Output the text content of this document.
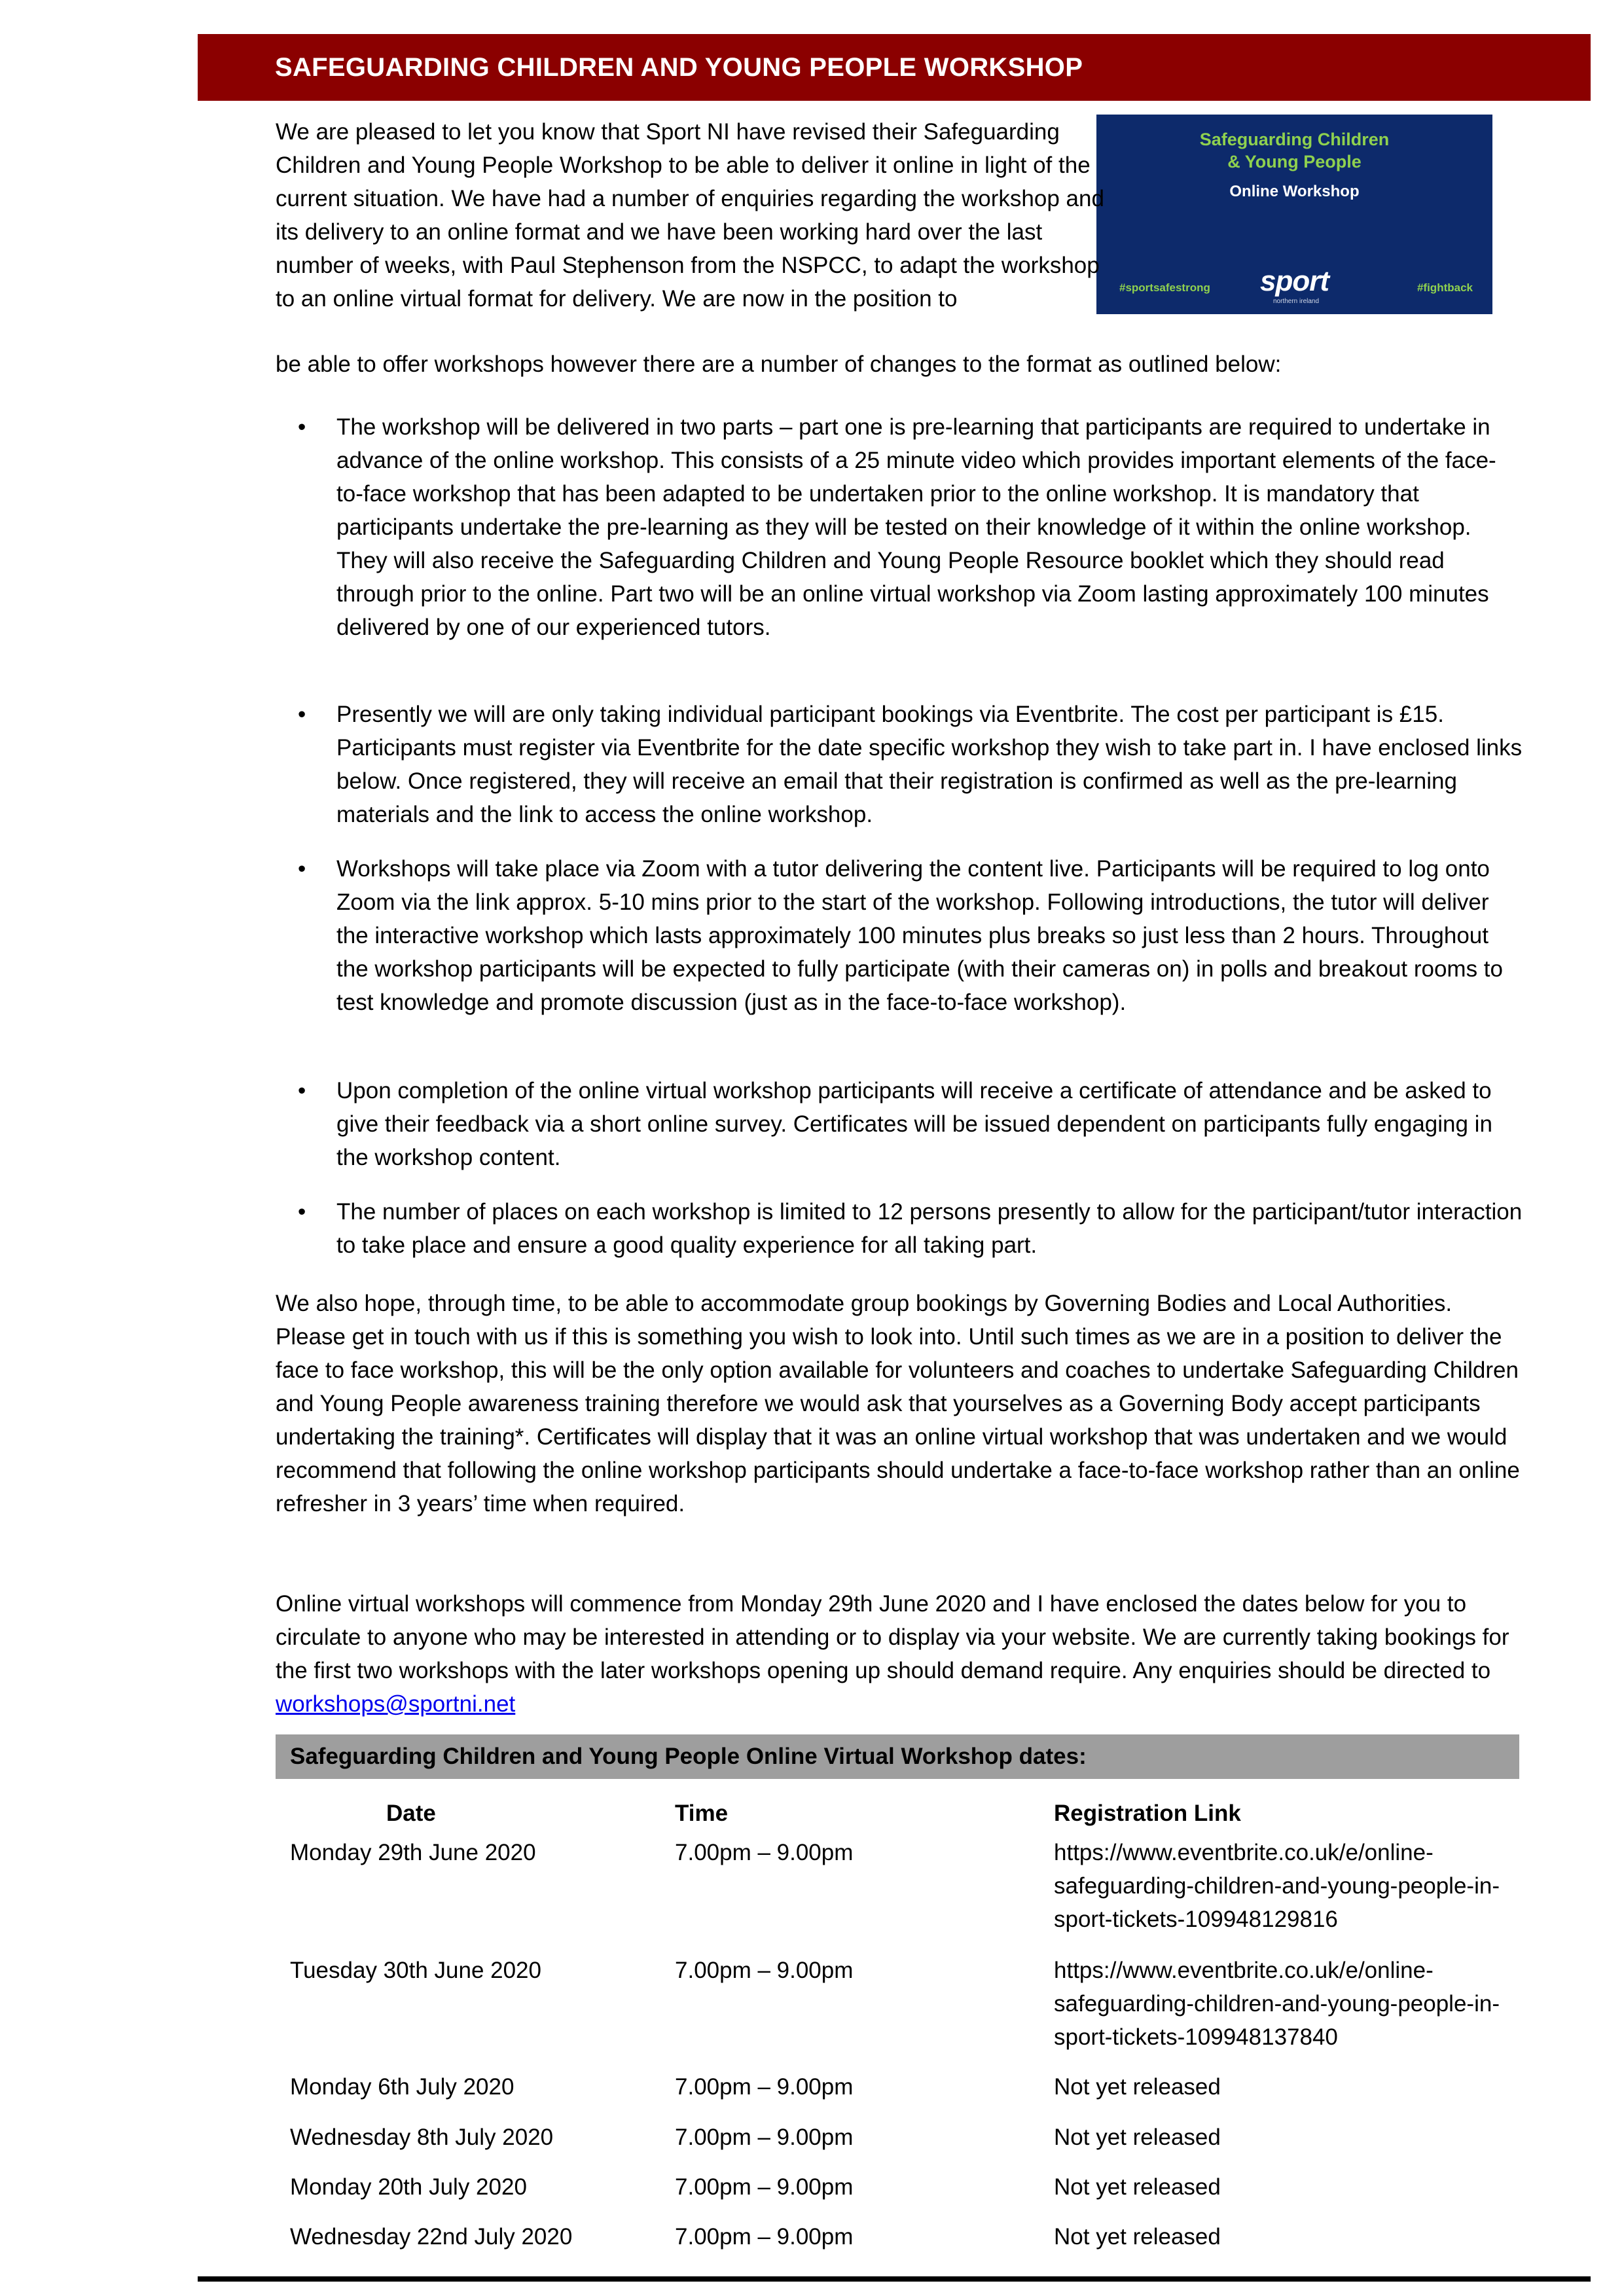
SAFEGUARDING CHILDREN AND YOUNG PEOPLE WORKSHOP
Safeguarding Children
& Young People
Online Workshop
#sportsafestrong sport
northern ireland
#fightback
We are pleased to let you know that Sport NI have revised their Safeguarding Children and Young People Workshop to be able to deliver it online in light of the current situation. We have had a number of enquiries regarding the workshop and its delivery to an online format and we have been working hard over the last number of weeks, with Paul Stephenson from the NSPCC, to adapt the workshop to an online virtual format for delivery. We are now in the position to
be able to offer workshops however there are a number of changes to the format as outlined below:
• The workshop will be delivered in two parts – part one is pre-learning that participants are required to undertake in advance of the online workshop. This consists of a 25 minute video which provides important elements of the face-to-face workshop that has been adapted to be undertaken prior to the online workshop. It is mandatory that participants undertake the pre-learning as they will be tested on their knowledge of it within the online workshop. They will also receive the Safeguarding Children and Young People Resource booklet which they should read through prior to the online. Part two will be an online virtual workshop via Zoom lasting approximately 100 minutes delivered by one of our experienced tutors.
• Presently we will are only taking individual participant bookings via Eventbrite. The cost per participant is £15. Participants must register via Eventbrite for the date specific workshop they wish to take part in. I have enclosed links below. Once registered, they will receive an email that their registration is confirmed as well as the pre-learning materials and the link to access the online workshop.
• Workshops will take place via Zoom with a tutor delivering the content live. Participants will be required to log onto Zoom via the link approx. 5-10 mins prior to the start of the workshop. Following introductions, the tutor will deliver the interactive workshop which lasts approximately 100 minutes plus breaks so just less than 2 hours. Throughout the workshop participants will be expected to fully participate (with their cameras on) in polls and breakout rooms to test knowledge and promote discussion (just as in the face-to-face workshop).
• Upon completion of the online virtual workshop participants will receive a certificate of attendance and be asked to give their feedback via a short online survey. Certificates will be issued dependent on participants fully engaging in the workshop content.
• The number of places on each workshop is limited to 12 persons presently to allow for the participant/tutor interaction to take place and ensure a good quality experience for all taking part.
We also hope, through time, to be able to accommodate group bookings by Governing Bodies and Local Authorities. Please get in touch with us if this is something you wish to look into. Until such times as we are in a position to deliver the face to face workshop, this will be the only option available for volunteers and coaches to undertake Safeguarding Children and Young People awareness training therefore we would ask that yourselves as a Governing Body accept participants undertaking the training*. Certificates will display that it was an online virtual workshop that was undertaken and we would recommend that following the online workshop participants should undertake a face-to-face workshop rather than an online refresher in 3 years’ time when required.
Online virtual workshops will commence from Monday 29th June 2020 and I have enclosed the dates below for you to circulate to anyone who may be interested in attending or to display via your website. We are currently taking bookings for the first two workshops with the later workshops opening up should demand require. Any enquiries should be directed to workshops@sportni.net
Safeguarding Children and Young People Online Virtual Workshop dates:
Date	Time	Registration Link
Monday 29th June 2020	7.00pm – 9.00pm	https://www.eventbrite.co.uk/e/online-safeguarding-children-and-young-people-in-sport-tickets-109948129816
Tuesday 30th June 2020	7.00pm – 9.00pm	https://www.eventbrite.co.uk/e/online-safeguarding-children-and-young-people-in-sport-tickets-109948137840
Monday 6th July 2020	7.00pm – 9.00pm	Not yet released
Wednesday 8th July 2020	7.00pm – 9.00pm	Not yet released
Monday 20th July 2020	7.00pm – 9.00pm	Not yet released
Wednesday 22nd July 2020	7.00pm – 9.00pm	Not yet released
